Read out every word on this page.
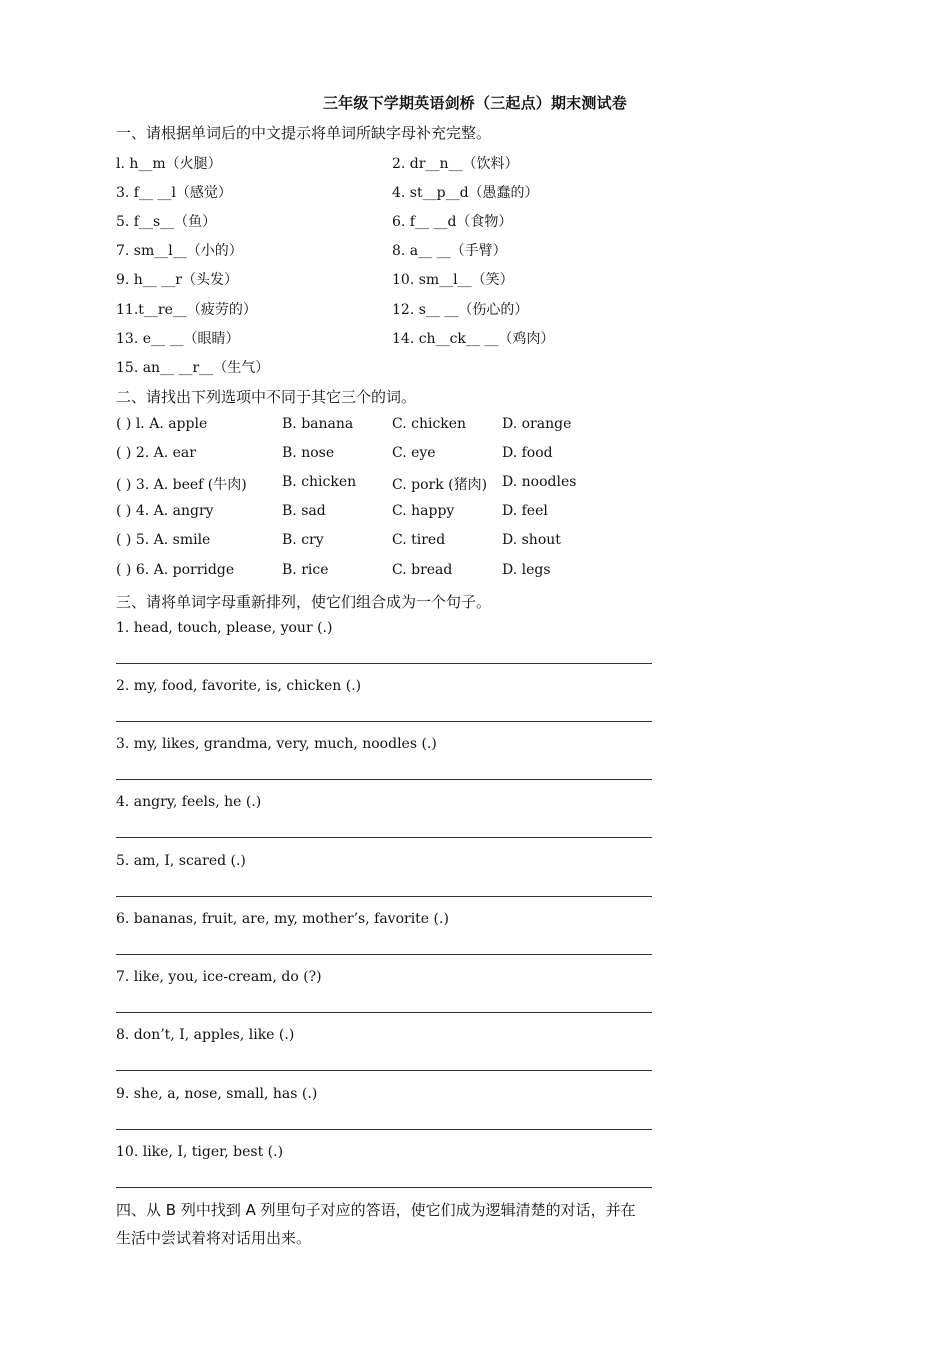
三年级下学期英语剑桥（三起点）期末测试卷
一、请根据单词后的中文提示将单词所缺字母补充完整。
l. h__m（火腿）	2. dr__n__（饮料）
3. f__ __l（感觉）	4. st__p__d（愚蠢的）
5. f__s__（鱼）	6. f__ __d（食物）
7. sm__l__（小的）	8. a__ __（手臂）
9. h__ __r（头发）	10. sm__l__（笑）
11.t__re__（疲劳的）	12. s__ __（伤心的）
13. e__ __（眼睛）	14. ch__ck__ __（鸡肉）
15. an__ __r__（生气）
二、请找出下列选项中不同于其它三个的词。
( ) l. A. apple	B. banana	C. chicken	D. orange
( ) 2. A. ear	B. nose	C. eye	D. food
( ) 3. A. beef (牛肉)	B. chicken	C. pork (猪肉) D. noodles
( ) 4. A. angry	B. sad	C. happy	D. feel
( ) 5. A. smile	B. cry	C. tired	D. shout
( ) 6. A. porridge	B. rice	C. bread	D. legs
三、请将单词字母重新排列，使它们组合成为一个句子。
1. head, touch, please, your (.)
2. my, food, favorite, is, chicken (.)
3. my, likes, grandma, very, much, noodles (.)
4. angry, feels, he (.)
5. am, I, scared (.)
6. bananas, fruit, are, my, mother’s, favorite (.)
7. like, you, ice-cream, do (?)
8. don’t, I, apples, like (.)
9. she, a, nose, small, has (.)
10. like, I, tiger, best (.)
四、从 B 列中找到 A 列里句子对应的答语，使它们成为逻辑清楚的对话，并在生活中尝试着将对话用出来。
